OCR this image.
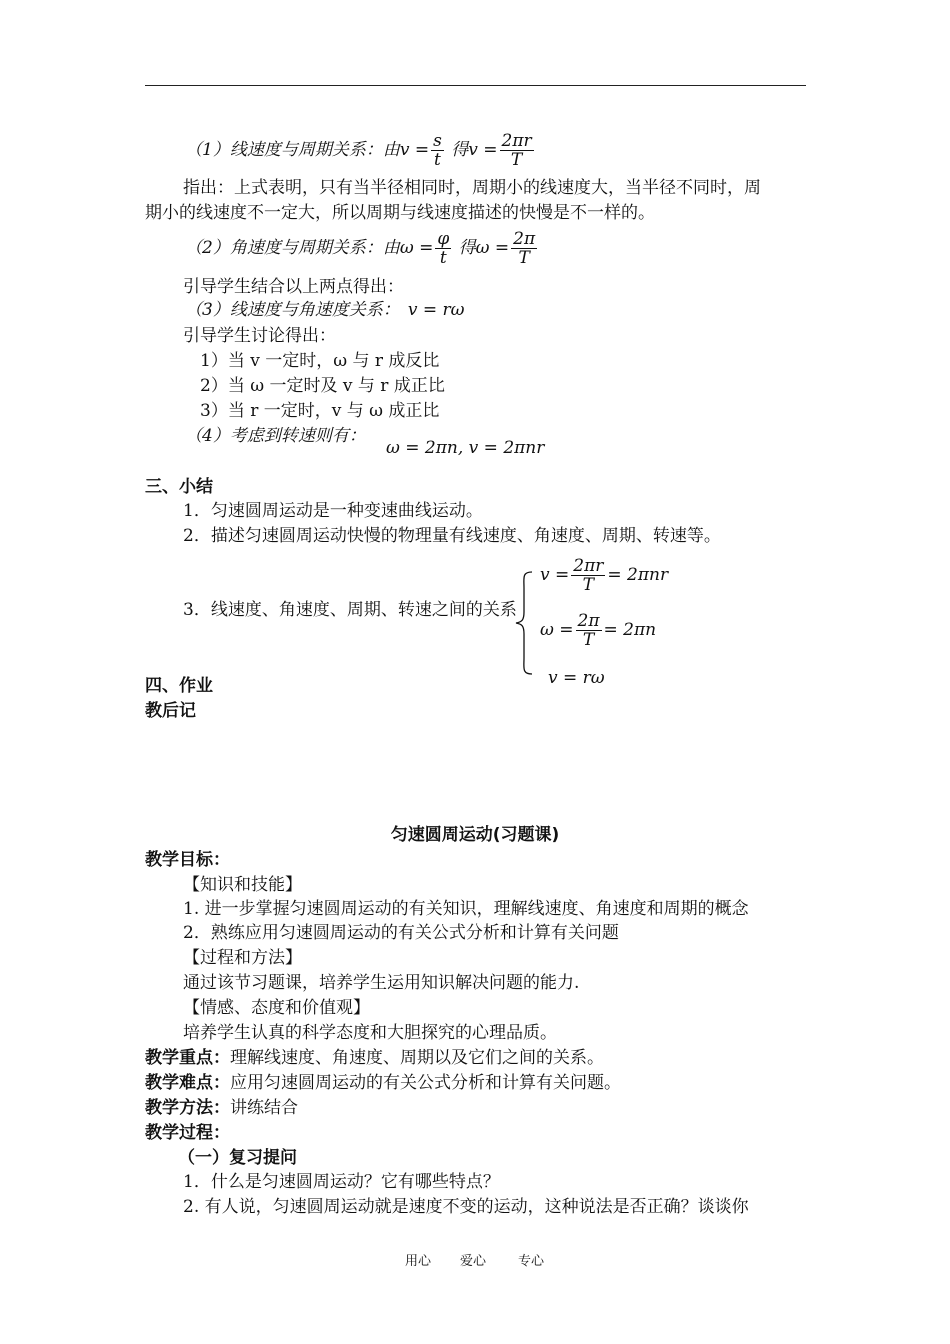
（1）线速度与周期关系：由$v = \frac{s}{t}$ 得$v = \frac{2\pi r}{T}$
指出：上式表明，只有当半径相同时，周期小的线速度大，当半径不同时，周
期小的线速度不一定大，所以周期与线速度描述的快慢是不一样的。
（2）角速度与周期关系：由$\omega = \frac{\varphi}{t}$ 得$\omega = \frac{2\pi}{T}$
引导学生结合以上两点得出：
（3）线速度与角速度关系： v = rω
引导学生讨论得出：
1）当 v 一定时，ω 与 r 成反比
2）当 ω 一定时及 v 与 r 成正比
3）当 r 一定时，v 与 ω 成正比
（4）考虑到转速则有：
ω = 2πn, v = 2πnr
三、小结
1．匀速圆周运动是一种变速曲线运动。
2．描述匀速圆周运动快慢的物理量有线速度、角速度、周期、转速等。
3．线速度、角速度、周期、转速之间的关系
$v = \frac{2\pi r}{T} = 2\pi nr$
$\omega = \frac{2\pi}{T} = 2\pi n$
v = rω
四、作业
教后记
匀速圆周运动(习题课)
教学目标：
【知识和技能】
1. 进一步掌握匀速圆周运动的有关知识，理解线速度、角速度和周期的概念
2．熟练应用匀速圆周运动的有关公式分析和计算有关问题
【过程和方法】
通过该节习题课，培养学生运用知识解决问题的能力.
【情感、态度和价值观】
培养学生认真的科学态度和大胆探究的心理品质。
教学重点：理解线速度、角速度、周期以及它们之间的关系。
教学难点：应用匀速圆周运动的有关公式分析和计算有关问题。
教学方法：讲练结合
教学过程：
（一）复习提问
1．什么是匀速圆周运动？它有哪些特点？
2. 有人说，匀速圆周运动就是速度不变的运动，这种说法是否正确？谈谈你
用心 爱心 专心
